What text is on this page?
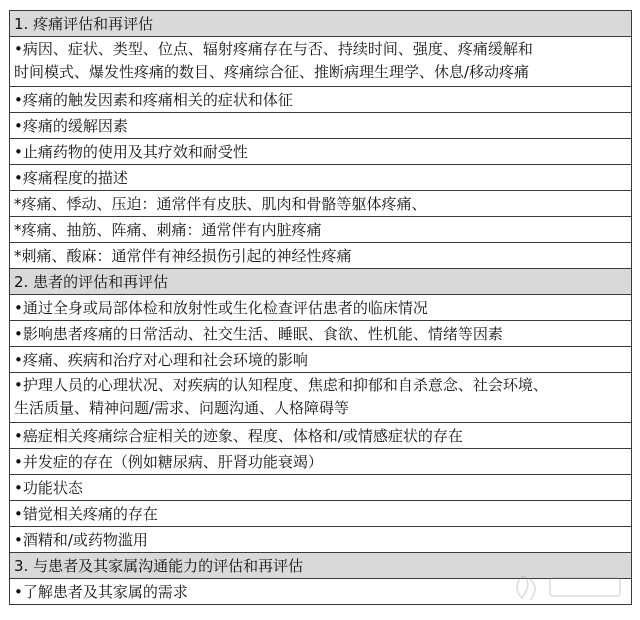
1. 疼痛评估和再评估
•病因、症状、类型、位点、辐射疼痛存在与否、持续时间、强度、疼痛缓解和
时间模式、爆发性疼痛的数目、疼痛综合征、推断病理生理学、休息/移动疼痛
•疼痛的触发因素和疼痛相关的症状和体征
•疼痛的缓解因素
•止痛药物的使用及其疗效和耐受性
•疼痛程度的描述
*疼痛、悸动、压迫：通常伴有皮肤、肌肉和骨骼等躯体疼痛、
*疼痛、抽筋、阵痛、刺痛：通常伴有内脏疼痛
*刺痛、酸麻：通常伴有神经损伤引起的神经性疼痛
2. 患者的评估和再评估
•通过全身或局部体检和放射性或生化检查评估患者的临床情况
•影响患者疼痛的日常活动、社交生活、睡眠、食欲、性机能、情绪等因素
•疼痛、疾病和治疗对心理和社会环境的影响
•护理人员的心理状况、对疾病的认知程度、焦虑和抑郁和自杀意念、社会环境、
生活质量、精神问题/需求、问题沟通、人格障碍等
•癌症相关疼痛综合症相关的迹象、程度、体格和/或情感症状的存在
•并发症的存在（例如糖尿病、肝肾功能衰竭）
•功能状态
•错觉相关疼痛的存在
•酒精和/或药物滥用
3. 与患者及其家属沟通能力的评估和再评估
•了解患者及其家属的需求
